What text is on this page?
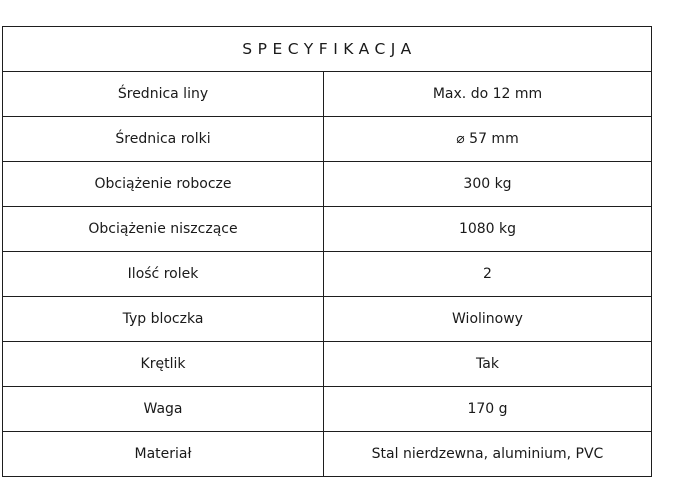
SPECYFIKACJA	
Średnica liny	Max. do 12 mm
Średnica rolki	⌀ 57 mm
Obciążenie robocze	300 kg
Obciążenie niszczące	1080 kg
Ilość rolek	2
Typ bloczka	Wiolinowy
Krętlik	Tak
Waga	170 g
Materiał	Stal nierdzewna, aluminium, PVC
